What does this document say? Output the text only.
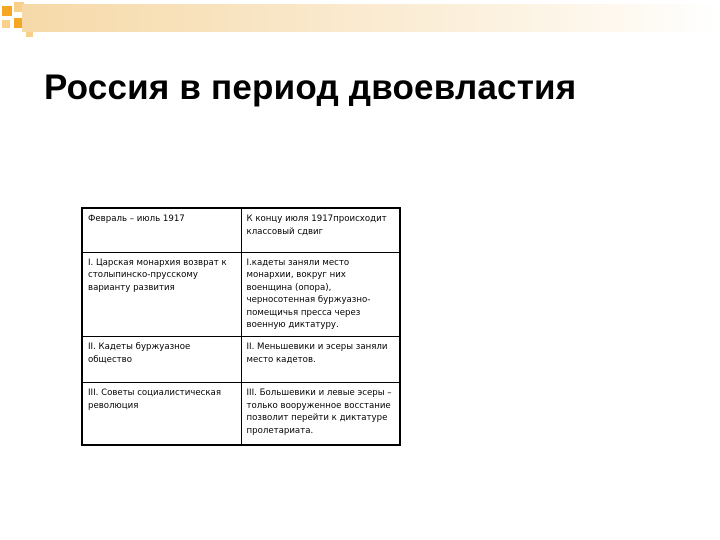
Россия в период двоевластия
Февраль – июль 1917	К концу июля 1917происходит классовый сдвиг

I. Царская монархия возврат к столыпинско-прусскому варианту развития	I.кадеты заняли место монархии, вокруг них военщина (опора), черносотенная буржуазно-помещичья пресса через военную диктатуру.

II. Кадеты буржуазное общество	II. Меньшевики и эсеры заняли место кадетов.

III. Советы социалистическая революция	III. Большевики и левые эсеры – только вооруженное восстание позволит перейти к диктатуре пролетариата.
